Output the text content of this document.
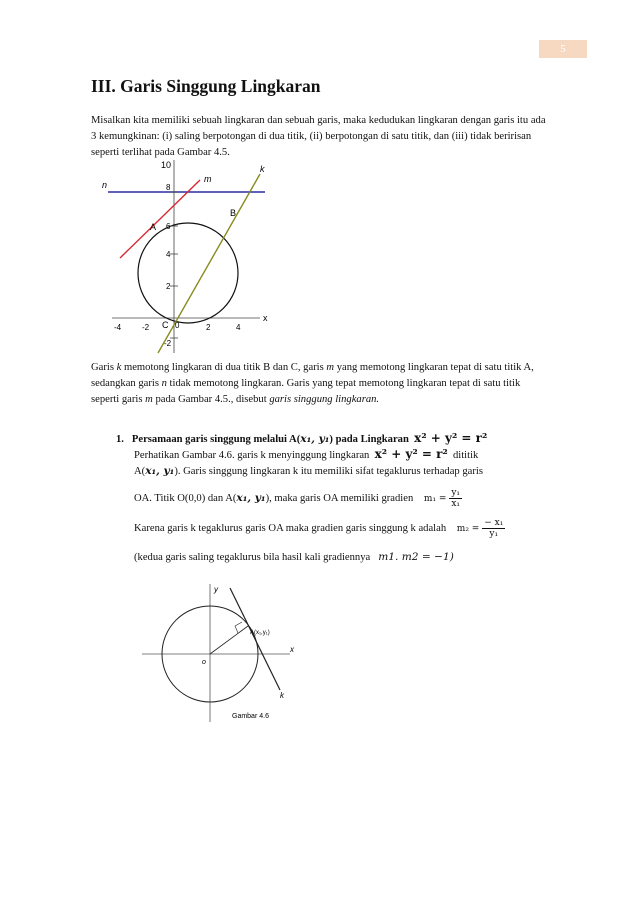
5
III. Garis Singgung Lingkaran

Misalkan kita memiliki sebuah lingkaran dan sebuah garis, maka kedudukan lingkaran dengan garis itu ada 3 kemungkinan: (i) saling berpotongan di dua titik, (ii) berpotongan di satu titik, dan (iii) tidak beririsan seperti terlihat pada Gambar 4.5.

n
m
k
A
B
C
x
10
8
6
4
2
-2
-4	-2	0	2	4

Garis k memotong lingkaran di dua titik B dan C, garis m yang memotong lingkaran tepat di satu titik A, sedangkan garis n tidak memotong lingkaran. Garis yang tepat memotong lingkaran tepat di satu titik seperti garis m pada Gambar 4.5., disebut garis singgung lingkaran.

1. Persamaan garis singgung melalui A(x₁, y₁) pada Lingkaran x² + y² = r²
Perhatikan Gambar 4.6. garis k menyinggung lingkaran x² + y² = r² dititik
A(x₁, y₁). Garis singgung lingkaran k itu memiliki sifat tegaklurus terhadap garis
OA. Titik O(0,0) dan A(x₁, y₁), maka garis OA memiliki gradien $m_1 = \frac{\text{y₁}}{\text{x₁}}$
Karena garis k tegaklurus garis OA maka gradien garis singgung k adalah $m_2 = \frac{\text{− x₁}}{\text{y₁}}$
(kedua garis saling tegaklurus bila hasil kali gradiennya m1. m2 = −1)
y
x
o
A(x₁,y₁)
k
Gambar 4.6
